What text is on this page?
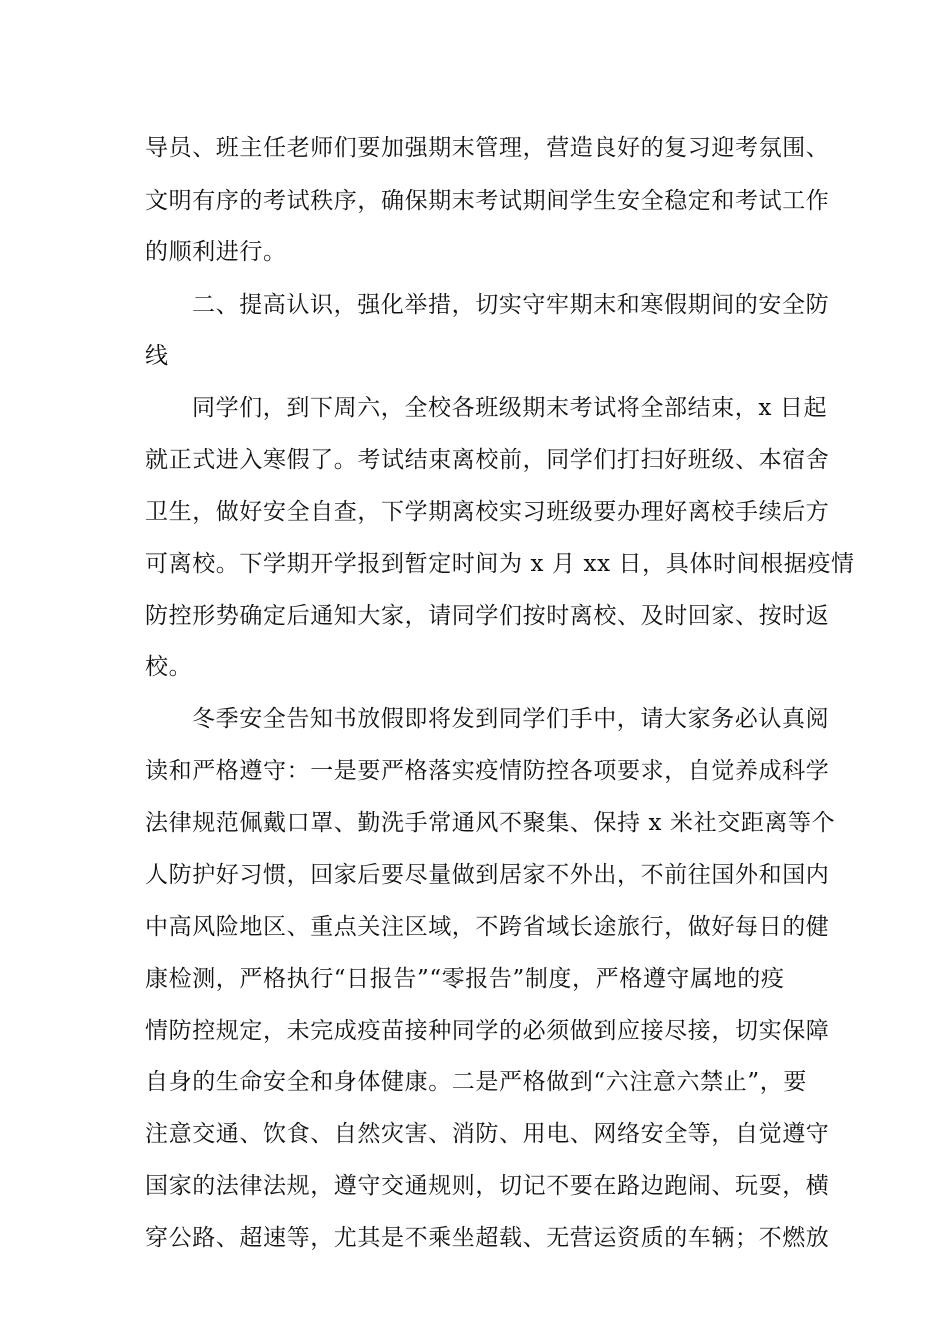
导员、班主任老师们要加强期末管理，营造良好的复习迎考氛围、
文明有序的考试秩序，确保期末考试期间学生安全稳定和考试工作
的顺利进行。
二、提高认识，强化举措，切实守牢期末和寒假期间的安全防
线
同学们，到下周六，全校各班级期末考试将全部结束，x 日起
就正式进入寒假了。考试结束离校前，同学们打扫好班级、本宿舍
卫生，做好安全自查，下学期离校实习班级要办理好离校手续后方
可离校。下学期开学报到暂定时间为 x 月 xx 日，具体时间根据疫情
防控形势确定后通知大家，请同学们按时离校、及时回家、按时返
校。
冬季安全告知书放假即将发到同学们手中，请大家务必认真阅
读和严格遵守：一是要严格落实疫情防控各项要求，自觉养成科学
法律规范佩戴口罩、勤洗手常通风不聚集、保持 x 米社交距离等个
人防护好习惯，回家后要尽量做到居家不外出，不前往国外和国内
中高风险地区、重点关注区域，不跨省域长途旅行，做好每日的健
康检测，严格执行“日报告”“零报告”制度，严格遵守属地的疫
情防控规定，未完成疫苗接种同学的必须做到应接尽接，切实保障
自身的生命安全和身体健康。二是严格做到“六注意六禁止”，要
注意交通、饮食、自然灾害、消防、用电、网络安全等，自觉遵守
国家的法律法规，遵守交通规则，切记不要在路边跑闹、玩耍，横
穿公路、超速等，尤其是不乘坐超载、无营运资质的车辆；不燃放
